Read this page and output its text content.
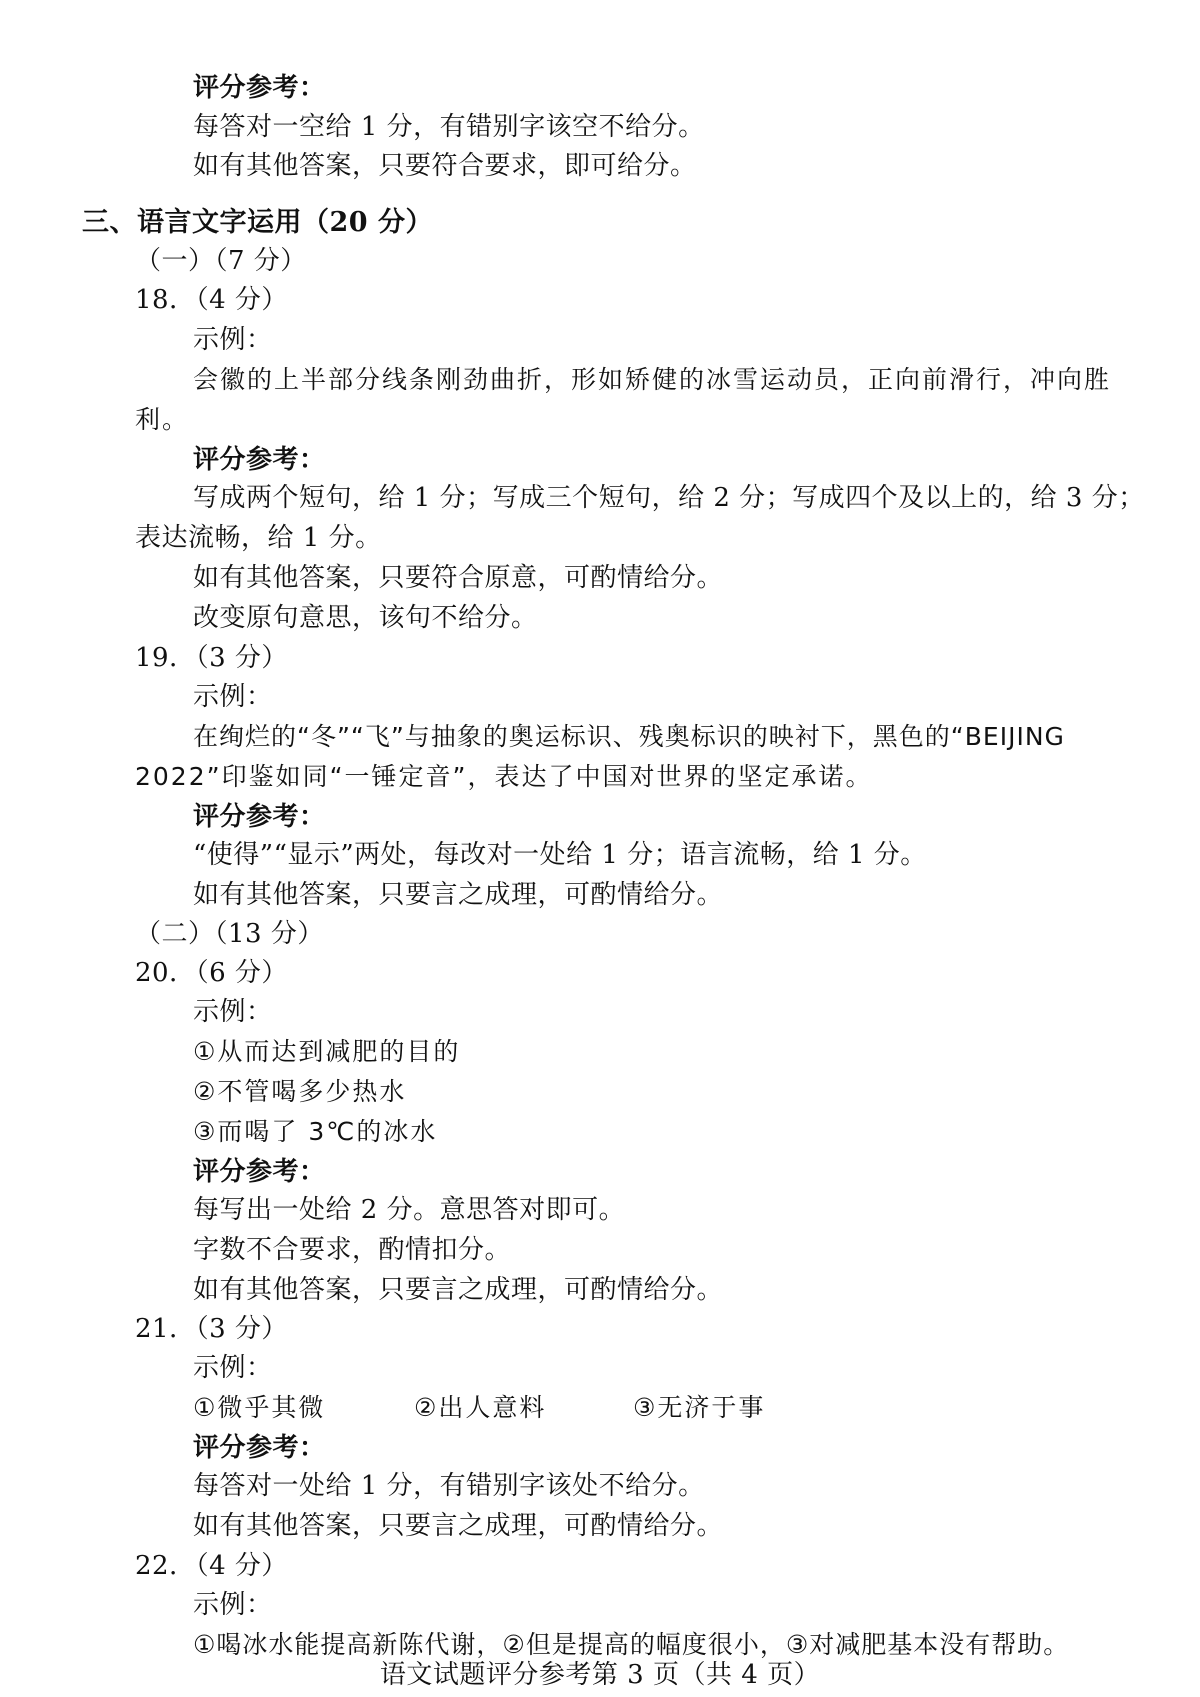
评分参考：
每答对一空给 1 分，有错别字该空不给分。
如有其他答案，只要符合要求，即可给分。
三、语言文字运用（20 分）
（一）（7 分）
18．（4 分）
示例：
会徽的上半部分线条刚劲曲折，形如矫健的冰雪运动员，正向前滑行，冲向胜
利。
评分参考：
写成两个短句，给 1 分；写成三个短句，给 2 分；写成四个及以上的，给 3 分；
表达流畅，给 1 分。
如有其他答案，只要符合原意，可酌情给分。
改变原句意思，该句不给分。
19．（3 分）
示例：
在绚烂的“冬”“飞”与抽象的奥运标识、残奥标识的映衬下，黑色的“BEIJING
2022”印鉴如同“一锤定音”，表达了中国对世界的坚定承诺。
评分参考：
“使得”“显示”两处，每改对一处给 1 分；语言流畅，给 1 分。
如有其他答案，只要言之成理，可酌情给分。
（二）（13 分）
20．（6 分）
示例：
①从而达到减肥的目的
②不管喝多少热水
③而喝了 3℃的冰水
评分参考：
每写出一处给 2 分。意思答对即可。
字数不合要求，酌情扣分。
如有其他答案，只要言之成理，可酌情给分。
21．（3 分）
示例：
①微乎其微	②出人意料	③无济于事
评分参考：
每答对一处给 1 分，有错别字该处不给分。
如有其他答案，只要言之成理，可酌情给分。
22．（4 分）
示例：
①喝冰水能提高新陈代谢，②但是提高的幅度很小，③对减肥基本没有帮助。
语文试题评分参考第 3 页（共 4 页）
